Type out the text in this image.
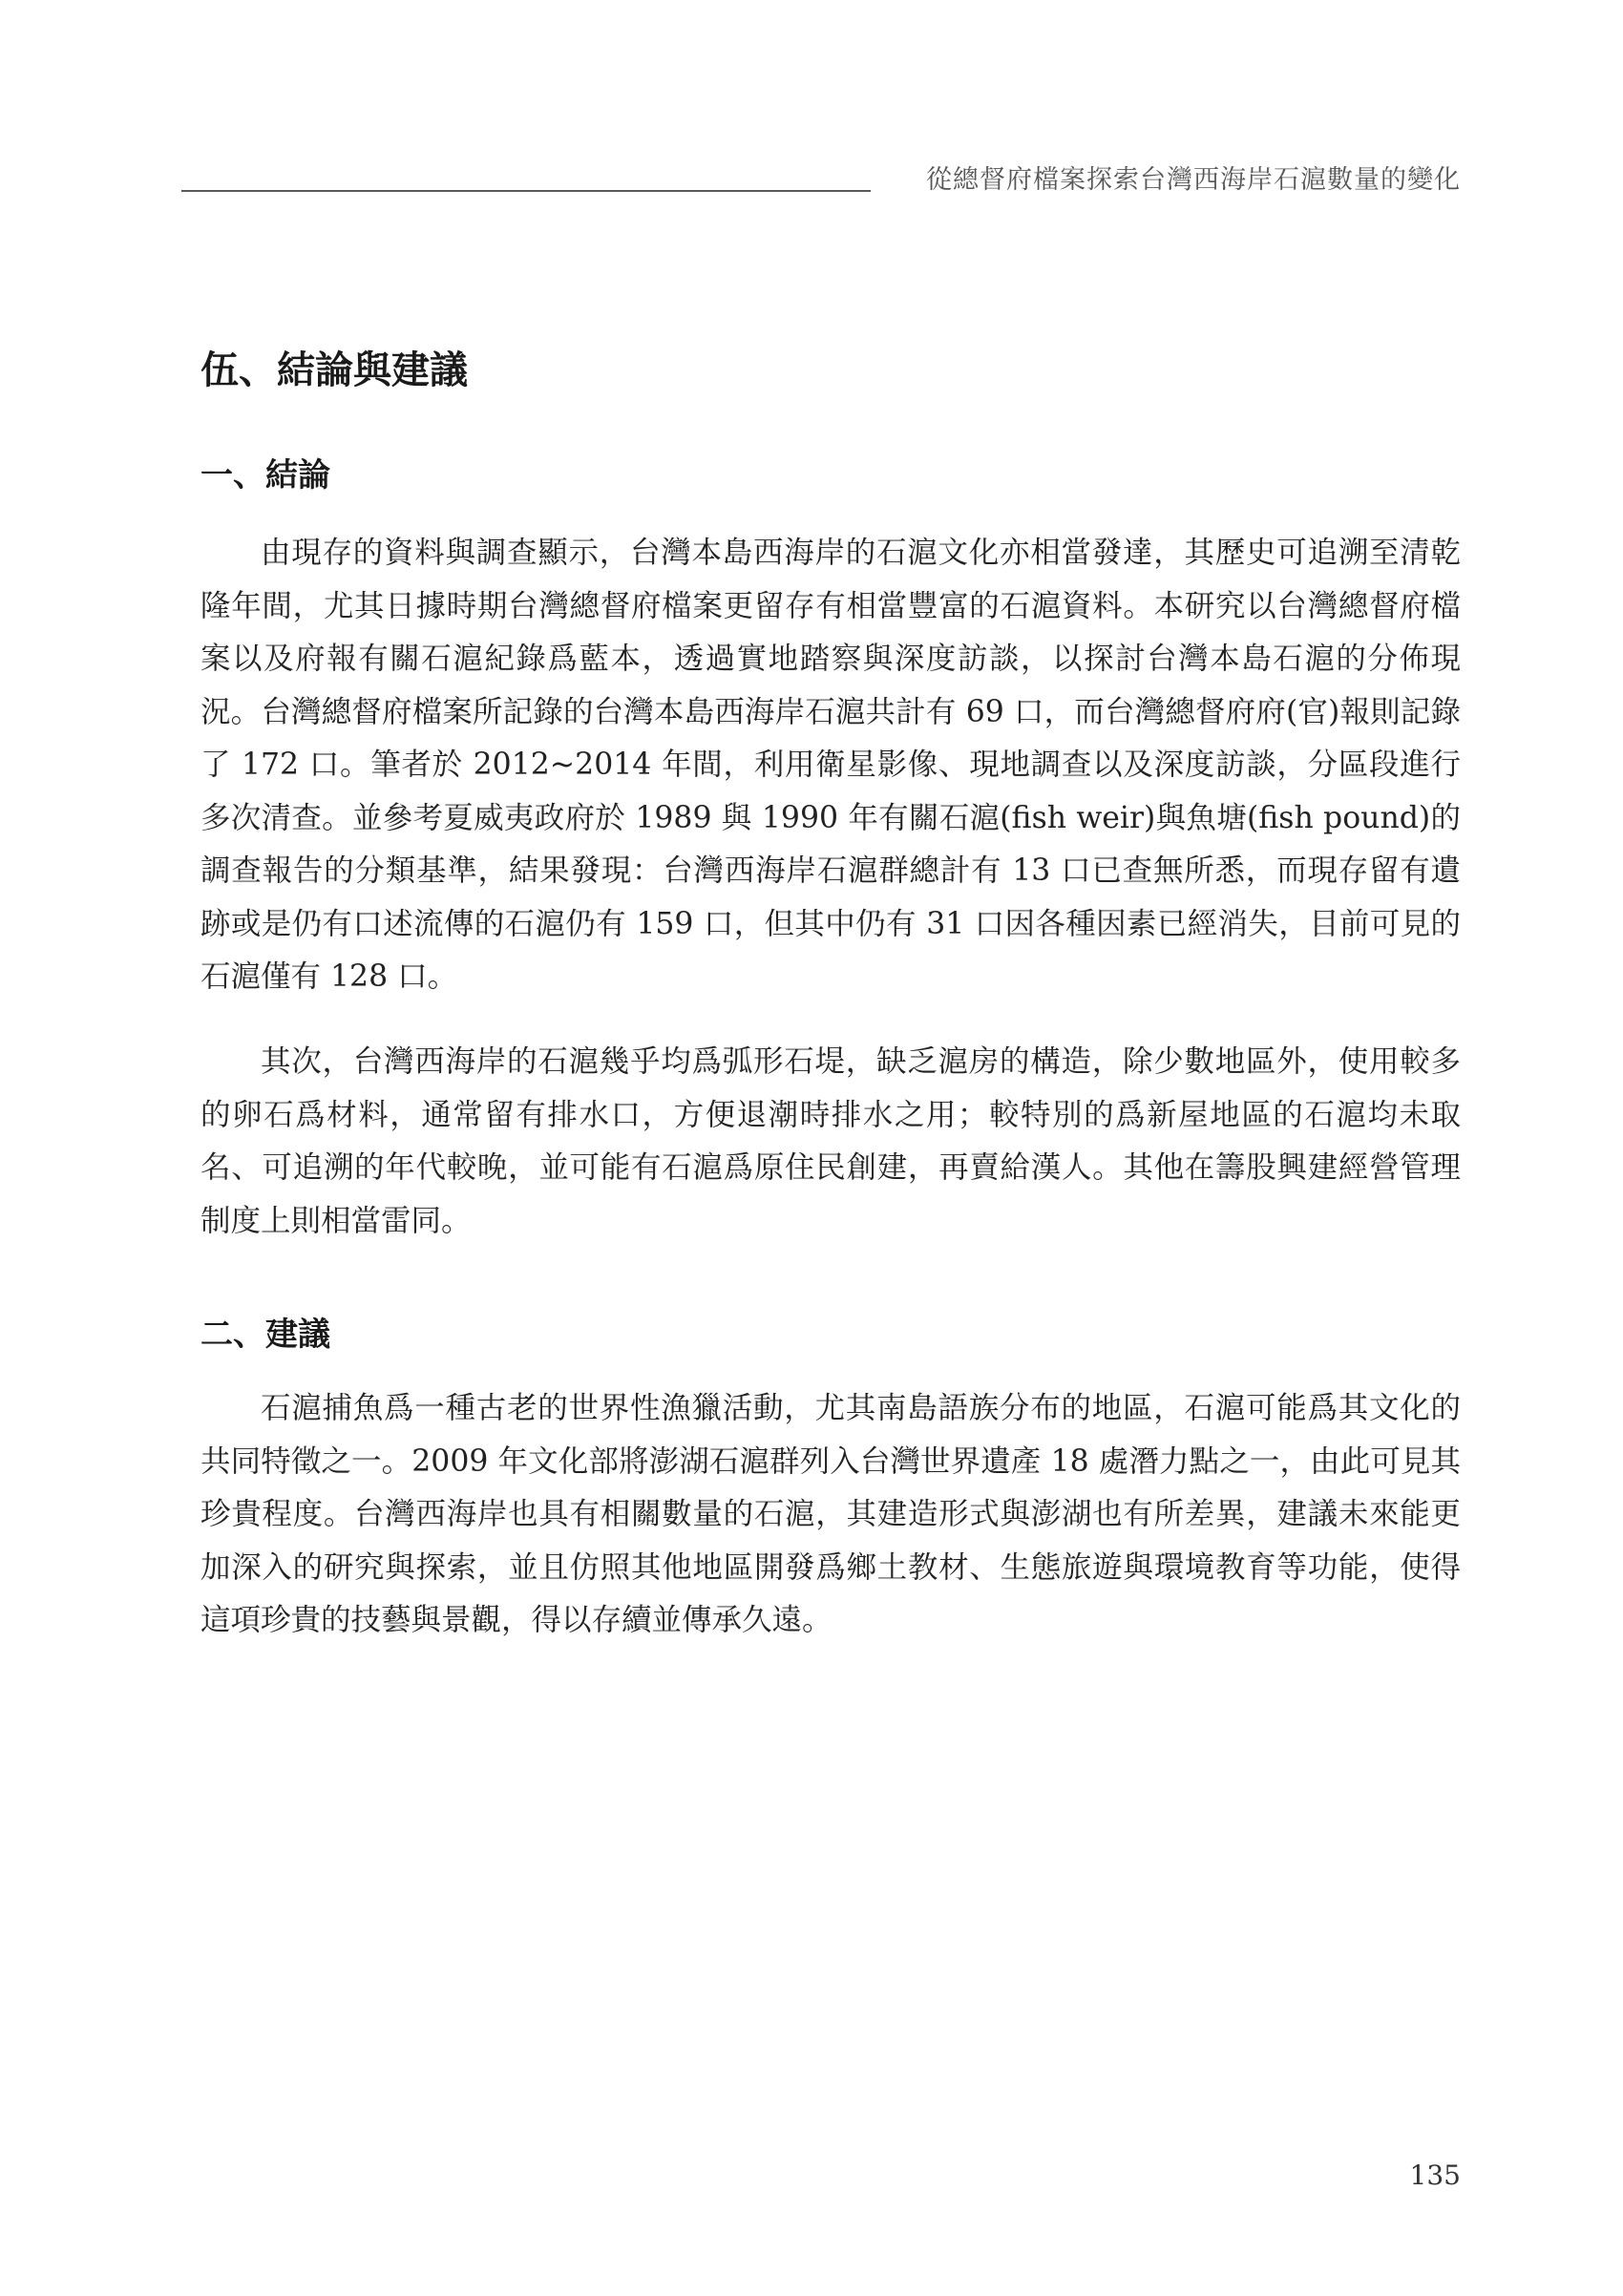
從總督府檔案探索台灣西海岸石滬數量的變化
伍、結論與建議
一、結論

由現存的資料與調查顯示，台灣本島西海岸的石滬文化亦相當發達，其歷史可追溯至清乾隆年間，尤其日據時期台灣總督府檔案更留存有相當豐富的石滬資料。本研究以台灣總督府檔案以及府報有關石滬紀錄爲藍本，透過實地踏察與深度訪談，以探討台灣本島石滬的分佈現況。台灣總督府檔案所記錄的台灣本島西海岸石滬共計有 69 口，而台灣總督府府(官)報則記錄了 172 口。筆者於 2012~2014 年間，利用衛星影像、現地調查以及深度訪談，分區段進行多次清查。並參考夏威夷政府於 1989 與 1990 年有關石滬(fish weir)與魚塘(fish pound)的調查報告的分類基準，結果發現：台灣西海岸石滬群總計有 13 口已查無所悉，而現存留有遺跡或是仍有口述流傳的石滬仍有 159 口，但其中仍有 31 口因各種因素已經消失，目前可見的石滬僅有 128 口。

其次，台灣西海岸的石滬幾乎均爲弧形石堤，缺乏滬房的構造，除少數地區外，使用較多的卵石爲材料，通常留有排水口，方便退潮時排水之用；較特別的爲新屋地區的石滬均未取名、可追溯的年代較晚，並可能有石滬爲原住民創建，再賣給漢人。其他在籌股興建經營管理制度上則相當雷同。

二、建議

石滬捕魚爲一種古老的世界性漁獵活動，尤其南島語族分布的地區，石滬可能爲其文化的共同特徵之一。2009 年文化部將澎湖石滬群列入台灣世界遺產 18 處潛力點之一，由此可見其珍貴程度。台灣西海岸也具有相關數量的石滬，其建造形式與澎湖也有所差異，建議未來能更加深入的研究與探索，並且仿照其他地區開發爲鄉土教材、生態旅遊與環境教育等功能，使得這項珍貴的技藝與景觀，得以存續並傳承久遠。

135
